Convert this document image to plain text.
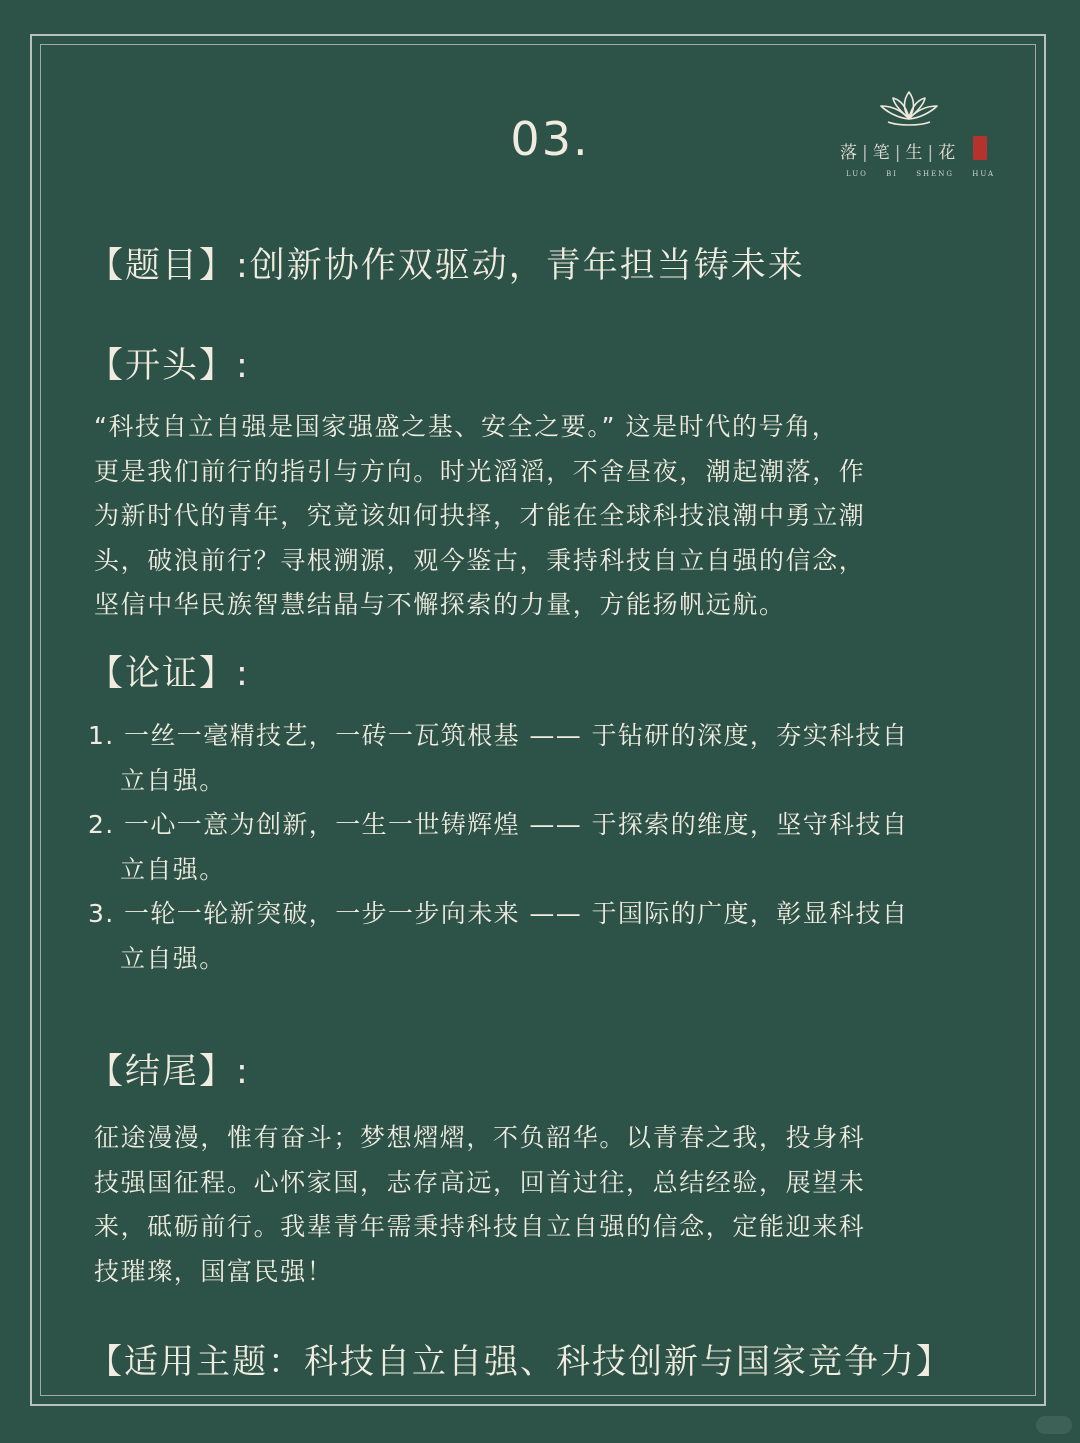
03.	落 | 笔 | 生 | 花
LUO BI SHENG HUA
【题目】:创新协作双驱动，青年担当铸未来
【开头】:
“科技自立自强是国家强盛之基、安全之要。” 这是时代的号角，
更是我们前行的指引与方向。时光滔滔，不舍昼夜，潮起潮落，作
为新时代的青年，究竟该如何抉择，才能在全球科技浪潮中勇立潮
头，破浪前行？寻根溯源，观今鉴古，秉持科技自立自强的信念，
坚信中华民族智慧结晶与不懈探索的力量，方能扬帆远航。
【论证】:
1. 一丝一毫精技艺，一砖一瓦筑根基 —— 于钻研的深度，夯实科技自
立自强。
2. 一心一意为创新，一生一世铸辉煌 —— 于探索的维度，坚守科技自
立自强。
3. 一轮一轮新突破，一步一步向未来 —— 于国际的广度，彰显科技自
立自强。
【结尾】:
征途漫漫，惟有奋斗；梦想熠熠，不负韶华。以青春之我，投身科
技强国征程。心怀家国，志存高远，回首过往，总结经验，展望未
来，砥砺前行。我辈青年需秉持科技自立自强的信念，定能迎来科
技璀璨，国富民强！
【适用主题：科技自立自强、科技创新与国家竞争力】
